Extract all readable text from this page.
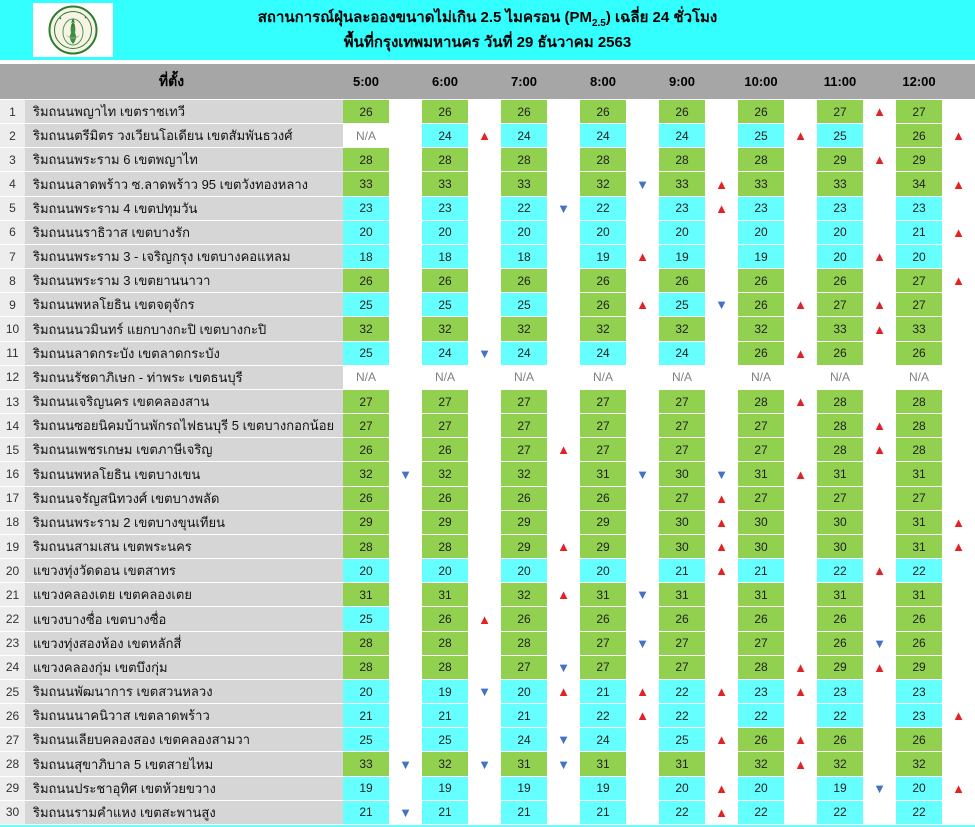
●	●	สถานการณ์ฝุ่นละอองขนาดไม่เกิน 2.5 ไมครอน $(PM_{2.5})$ เฉลี่ย 24 ชั่วโมง
พื้นที่กรุงเทพมหานคร วันที่ 29 ธันวาคม 2563
ที่ตั้ง	5:00	6:00	7:00	8:00	9:00	10:00	11:00	12:00
1	ริมถนนพญาไท เขตราชเทวี	26	26	26	26	26	26	27	▲	27
2	ริมถนนตรีมิตร วงเวียนโอเดียน เขตสัมพันธวงศ์	N/A	24	▲	24	24	24	25	▲	25	26	▲
3	ริมถนนพระราม 6 เขตพญาไท	28	28	28	28	28	28	29	▲	29
4	ริมถนนลาดพร้าว ซ.ลาดพร้าว 95 เขตวังทองหลาง	33	33	33	32	▼	33	▲	33	33	34	▲
5	ริมถนนพระราม 4 เขตปทุมวัน	23	23	22	▼	22	23	▲	23	23	23
6	ริมถนนนราธิวาส เขตบางรัก	20	20	20	20	20	20	20	21	▲
7	ริมถนนพระราม 3 - เจริญกรุง เขตบางคอแหลม	18	18	18	19	▲	19	19	20	▲	20
8	ริมถนนพระราม 3 เขตยานนาวา	26	26	26	26	26	26	26	27	▲
9	ริมถนนพหลโยธิน เขตจตุจักร	25	25	25	26	▲	25	▼	26	▲	27	▲	27
10	ริมถนนนวมินทร์ แยกบางกะปิ เขตบางกะปิ	32	32	32	32	32	32	33	▲	33
11	ริมถนนลาดกระบัง เขตลาดกระบัง	25	24	▼	24	24	24	26	▲	26	26
12	ริมถนนรัชดาภิเษก - ท่าพระ เขตธนบุรี	N/A	N/A	N/A	N/A	N/A	N/A	N/A	N/A
13	ริมถนนเจริญนคร เขตคลองสาน	27	27	27	27	27	28	▲	28	28
14	ริมถนนซอยนิคมบ้านพักรถไฟธนบุรี 5 เขตบางกอกน้อย	27	27	27	27	27	27	28	▲	28
15	ริมถนนเพชรเกษม เขตภาษีเจริญ	26	26	27	▲	27	27	27	28	▲	28
16	ริมถนนพหลโยธิน เขตบางเขน	32	▼	32	32	31	▼	30	▼	31	▲	31	31
17	ริมถนนจรัญสนิทวงศ์ เขตบางพลัด	26	26	26	26	27	▲	27	27	27
18	ริมถนนพระราม 2 เขตบางขุนเทียน	29	29	29	29	30	▲	30	30	31	▲
19	ริมถนนสามเสน เขตพระนคร	28	28	29	▲	29	30	▲	30	30	31	▲
20	แขวงทุ่งวัดดอน เขตสาทร	20	20	20	20	21	▲	21	22	▲	22
21	แขวงคลองเตย เขตคลองเตย	31	31	32	▲	31	▼	31	31	31	31
22	แขวงบางซื่อ เขตบางซื่อ	25	26	▲	26	26	26	26	26	26
23	แขวงทุ่งสองห้อง เขตหลักสี่	28	28	28	27	▼	27	27	26	▼	26
24	แขวงคลองกุ่ม เขตบึงกุ่ม	28	28	27	▼	27	27	28	▲	29	▲	29
25	ริมถนนพัฒนาการ เขตสวนหลวง	20	19	▼	20	▲	21	▲	22	▲	23	▲	23	23
26	ริมถนนนาคนิวาส เขตลาดพร้าว	21	21	21	22	▲	22	22	22	23	▲
27	ริมถนนเลียบคลองสอง เขตคลองสามวา	25	25	24	▼	24	25	▲	26	▲	26	26
28	ริมถนนสุขาภิบาล 5 เขตสายไหม	33	▼	32	▼	31	▼	31	31	32	▲	32	32
29	ริมถนนประชาอุทิศ เขตห้วยขวาง	19	19	19	19	20	▲	20	19	▼	20	▲
30	ริมถนนรามคำแหง เขตสะพานสูง	21	▼	21	21	21	22	▲	22	22	22
